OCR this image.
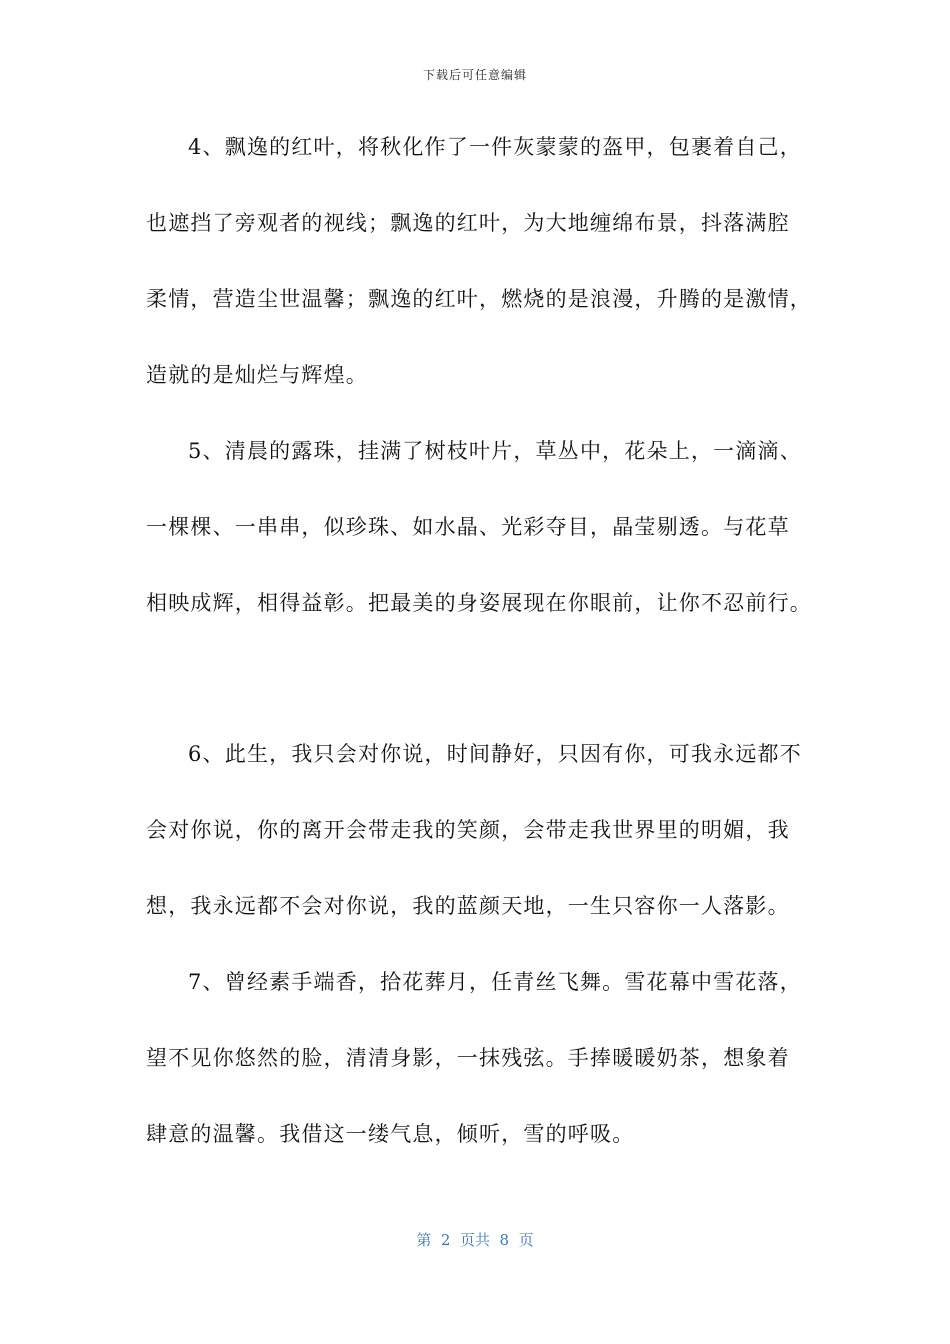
下载后可任意编辑
4、飘逸的红叶，将秋化作了一件灰蒙蒙的盔甲，包裹着自己，
也遮挡了旁观者的视线；飘逸的红叶，为大地缠绵布景，抖落满腔
柔情，营造尘世温馨；飘逸的红叶，燃烧的是浪漫，升腾的是激情，
造就的是灿烂与辉煌。
5、清晨的露珠，挂满了树枝叶片，草丛中，花朵上，一滴滴、
一棵棵、一串串，似珍珠、如水晶、光彩夺目，晶莹剔透。与花草
相映成辉，相得益彰。把最美的身姿展现在你眼前，让你不忍前行。
6、此生，我只会对你说，时间静好，只因有你，可我永远都不
会对你说，你的离开会带走我的笑颜，会带走我世界里的明媚，我
想，我永远都不会对你说，我的蓝颜天地，一生只容你一人落影。
7、曾经素手端香，拾花葬月，任青丝飞舞。雪花幕中雪花落，
望不见你悠然的脸，清清身影，一抹残弦。手捧暖暖奶茶，想象着
肆意的温馨。我借这一缕气息，倾听，雪的呼吸。
第  2  页共  8  页
